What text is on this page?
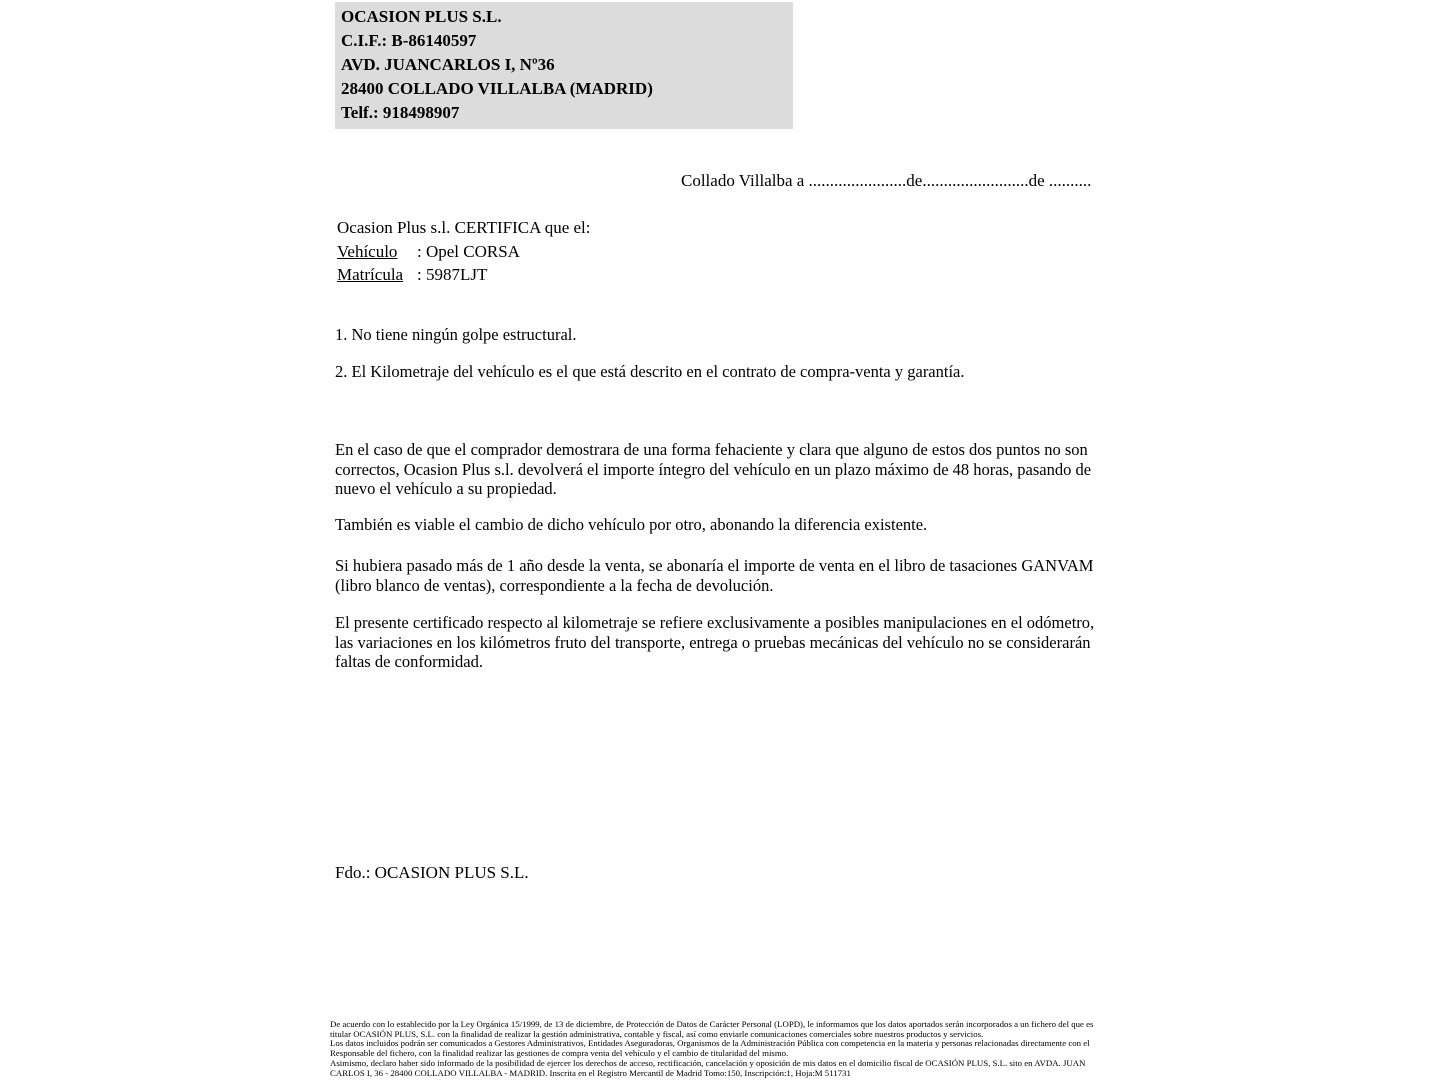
OCASION PLUS S.L.
C.I.F.: B-86140597
AVD. JUANCARLOS I, Nº36
28400 COLLADO VILLALBA (MADRID)
Telf.: 918498907
Collado Villalba a .......................de.........................de ..........
Ocasion Plus s.l. CERTIFICA que el:
Vehículo : Opel CORSA
Matrícula : 5987LJT
1. No tiene ningún golpe estructural.
2. El Kilometraje del vehículo es el que está descrito en el contrato de compra-venta y garantía.
En el caso de que el comprador demostrara de una forma fehaciente y clara que alguno de estos dos puntos no son correctos, Ocasion Plus s.l. devolverá el importe íntegro del vehículo en un plazo máximo de 48 horas, pasando de nuevo el vehículo a su propiedad.
También es viable el cambio de dicho vehículo por otro, abonando la diferencia existente.
Si hubiera pasado más de 1 año desde la venta, se abonaría el importe de venta en el libro de tasaciones GANVAM (libro blanco de ventas), correspondiente a la fecha de devolución.
El presente certificado respecto al kilometraje se refiere exclusivamente a posibles manipulaciones en el odómetro, las variaciones en los kilómetros fruto del transporte, entrega o pruebas mecánicas del vehículo no se considerarán faltas de conformidad.
Fdo.: OCASION PLUS S.L.
De acuerdo con lo establecido por la Ley Orgánica 15/1999, de 13 de diciembre, de Protección de Datos de Carácter Personal (LOPD), le informamos que los datos aportados serán incorporados a un fichero del que es titular OCASIÓN PLUS, S.L. con la finalidad de realizar la gestión administrativa, contable y fiscal, así como enviarle comunicaciones comerciales sobre nuestros productos y servicios.
Los datos incluidos podrán ser comunicados a Gestores Administrativos, Entidades Aseguradoras, Organismos de la Administración Pública con competencia en la materia y personas relacionadas directamente con el Responsable del fichero, con la finalidad realizar las gestiones de compra venta del vehículo y el cambio de titularidad del mismo.
Asimismo, declaro haber sido informado de la posibilidad de ejercer los derechos de acceso, rectificación, cancelación y oposición de mis datos en el domicilio fiscal de OCASIÓN PLUS, S.L. sito en AVDA. JUAN CARLOS I, 36 - 28400 COLLADO VILLALBA - MADRID. Inscrita en el Registro Mercantil de Madrid Tomo:150, Inscripción:1, Hoja:M 511731
